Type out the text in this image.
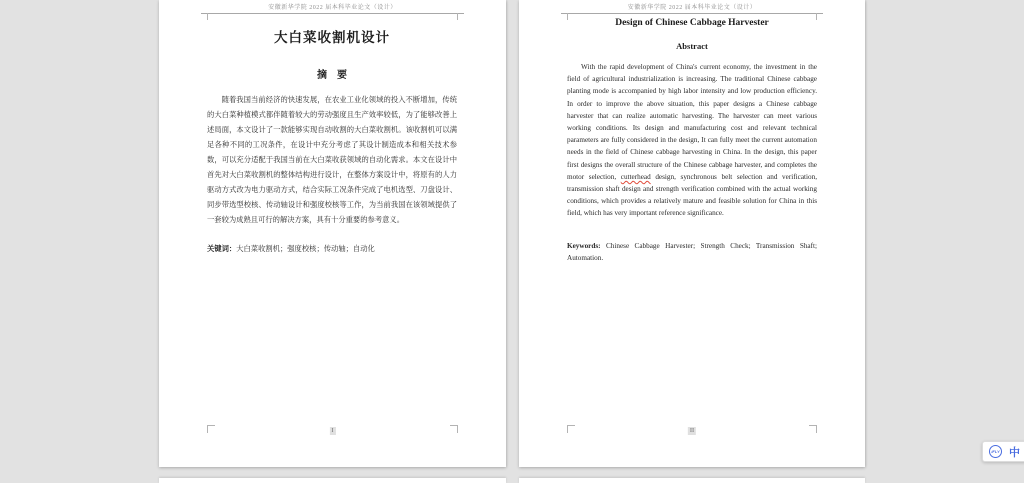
安徽新华学院 2022 届本科毕业论文（设计）
大白菜收割机设计
摘　要

随着我国当前经济的快速发展，在农业工业化领域的投入不断增加，传统的大白菜种植模式都伴随着较大的劳动强度且生产效率较低，为了能够改善上述局面，本文设计了一款能够实现自动收割的大白菜收割机。该收割机可以满足各种不同的工况条件，在设计中充分考虑了其设计制造成本和相关技术参数，可以充分适配于我国当前在大白菜收获领域的自动化需求。本文在设计中首先对大白菜收割机的整体结构进行设计，在整体方案设计中，将原有的人力驱动方式改为电力驱动方式，结合实际工况条件完成了电机选型、刀盘设计、同步带选型校核、传动轴设计和强度校核等工作，为当前我国在该领域提供了一套较为成熟且可行的解决方案，具有十分重要的参考意义。

关键词：大白菜收割机；强度校核；传动轴；自动化

I
安徽新华学院 2022 届本科毕业论文（设计）
Design of Chinese Cabbage Harvester
Abstract

With the rapid development of China's current economy, the investment in the field of agricultural industrialization is increasing. The traditional Chinese cabbage planting mode is accompanied by high labor intensity and low production efficiency. In order to improve the above situation, this paper designs a Chinese cabbage harvester that can realize automatic harvesting. The harvester can meet various working conditions. Its design and manufacturing cost and relevant technical parameters are fully considered in the design, It can fully meet the current automation needs in the field of Chinese cabbage harvesting in China. In the design, this paper first designs the overall structure of the Chinese cabbage harvester, and completes the motor selection, cutterhead design, synchronous belt selection and verification, transmission shaft design and strength verification combined with the actual working conditions, which provides a relatively mature and feasible solution for China in this field, which has very important reference significance.

Keywords: Chinese Cabbage Harvester; Strength Check; Transmission Shaft; Automation.

II
iFLY 中
